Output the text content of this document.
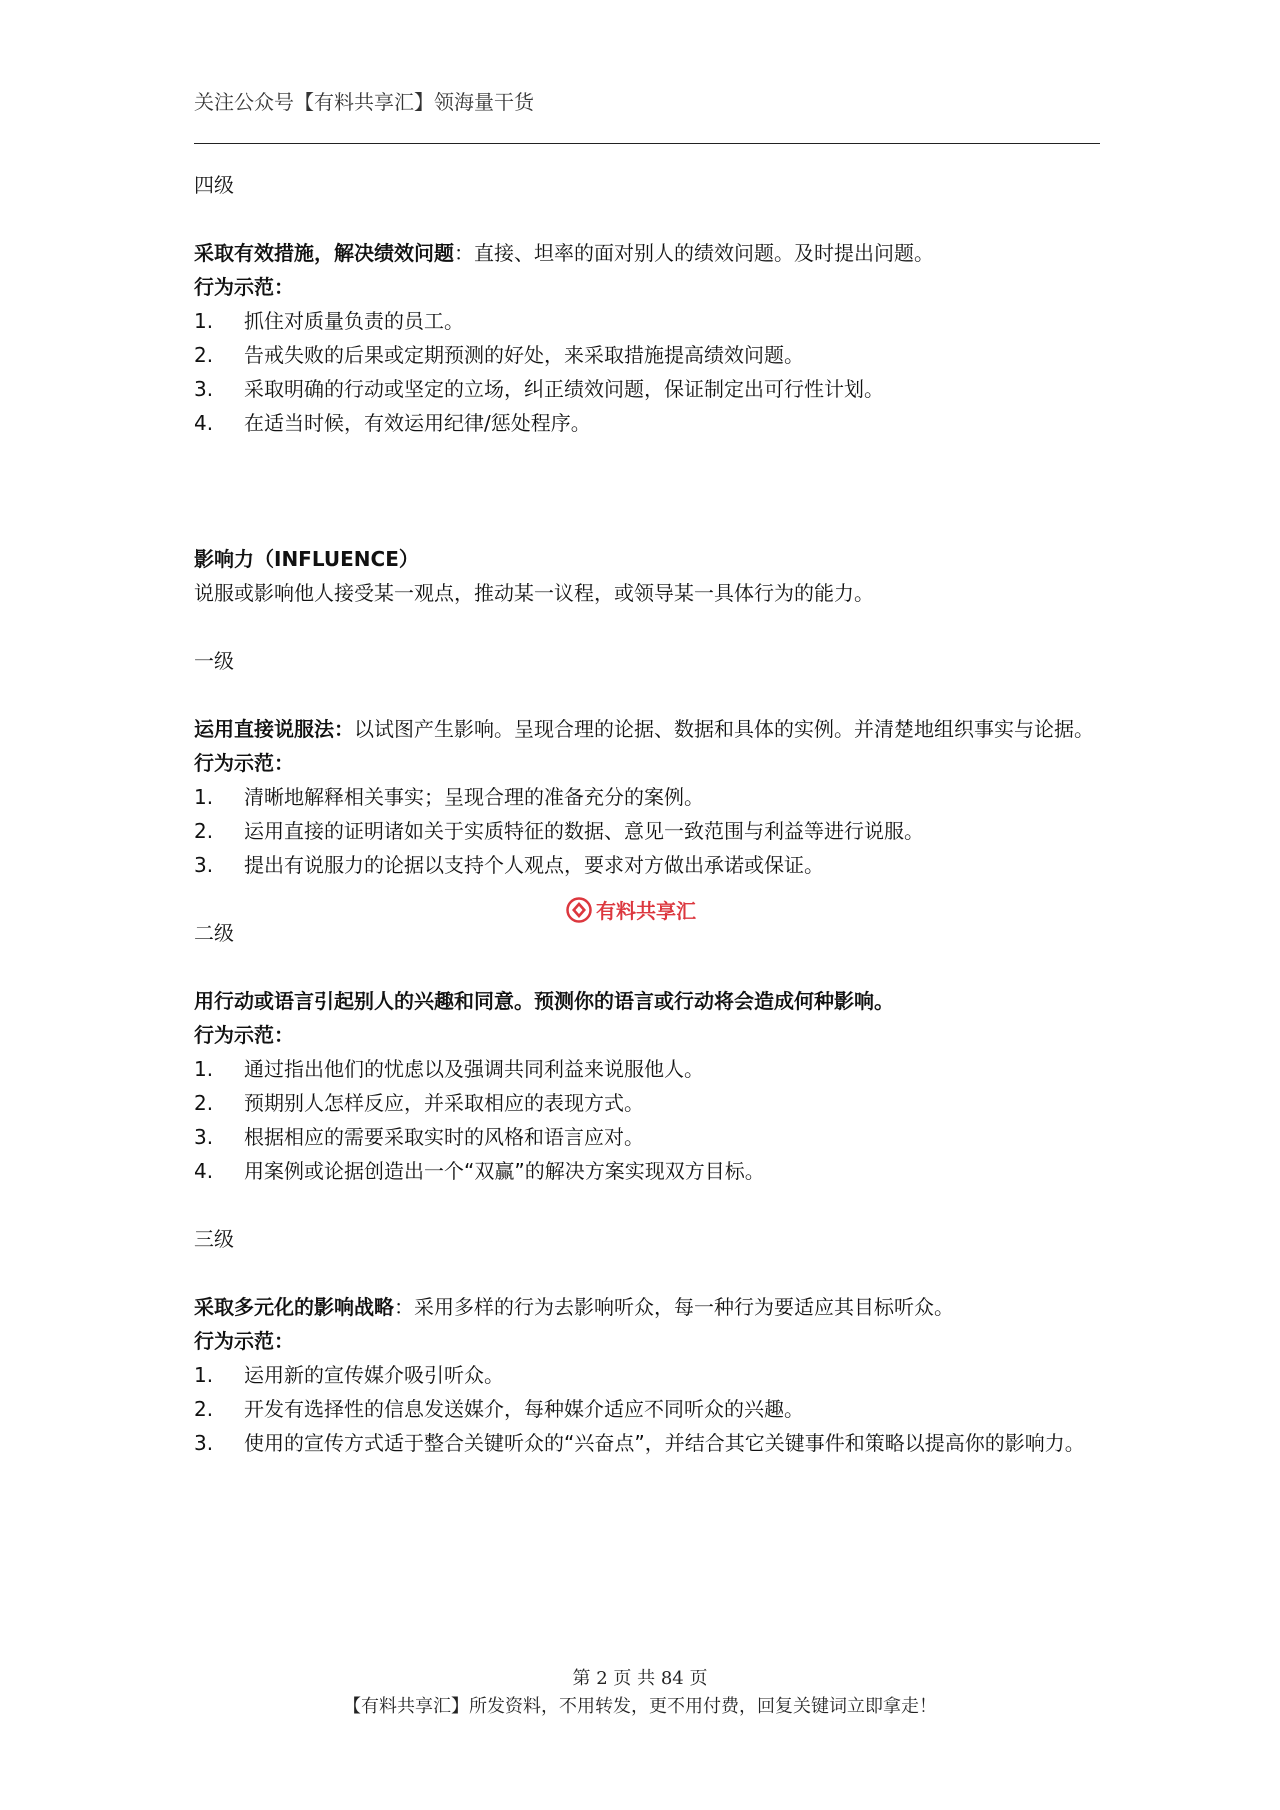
关注公众号【有料共享汇】领海量干货

四级

采取有效措施，解决绩效问题：直接、坦率的面对别人的绩效问题。及时提出问题。

行为示范：

1.	抓住对质量负责的员工。
2.	告戒失败的后果或定期预测的好处，来采取措施提高绩效问题。
3.	采取明确的行动或坚定的立场，纠正绩效问题，保证制定出可行性计划。
4.	在适当时候，有效运用纪律/惩处程序。

影响力（INFLUENCE）

说服或影响他人接受某一观点，推动某一议程，或领导某一具体行为的能力。

一级

运用直接说服法：以试图产生影响。呈现合理的论据、数据和具体的实例。并清楚地组织事实与论据。

行为示范：

1.	清晰地解释相关事实；呈现合理的准备充分的案例。
2.	运用直接的证明诸如关于实质特征的数据、意见一致范围与利益等进行说服。
3.	提出有说服力的论据以支持个人观点，要求对方做出承诺或保证。

二级

用行动或语言引起别人的兴趣和同意。预测你的语言或行动将会造成何种影响。

行为示范：

1.	通过指出他们的忧虑以及强调共同利益来说服他人。
2.	预期别人怎样反应，并采取相应的表现方式。
3.	根据相应的需要采取实时的风格和语言应对。
4.	用案例或论据创造出一个“双赢”的解决方案实现双方目标。

三级

采取多元化的影响战略：采用多样的行为去影响听众，每一种行为要适应其目标听众。

行为示范：

1.	运用新的宣传媒介吸引听众。
2.	开发有选择性的信息发送媒介，每种媒介适应不同听众的兴趣。
3.	使用的宣传方式适于整合关键听众的“兴奋点”，并结合其它关键事件和策略以提高你的影响力。
有料共享汇
第 2 页 共 84 页
【有料共享汇】所发资料，不用转发，更不用付费，回复关键词立即拿走！
